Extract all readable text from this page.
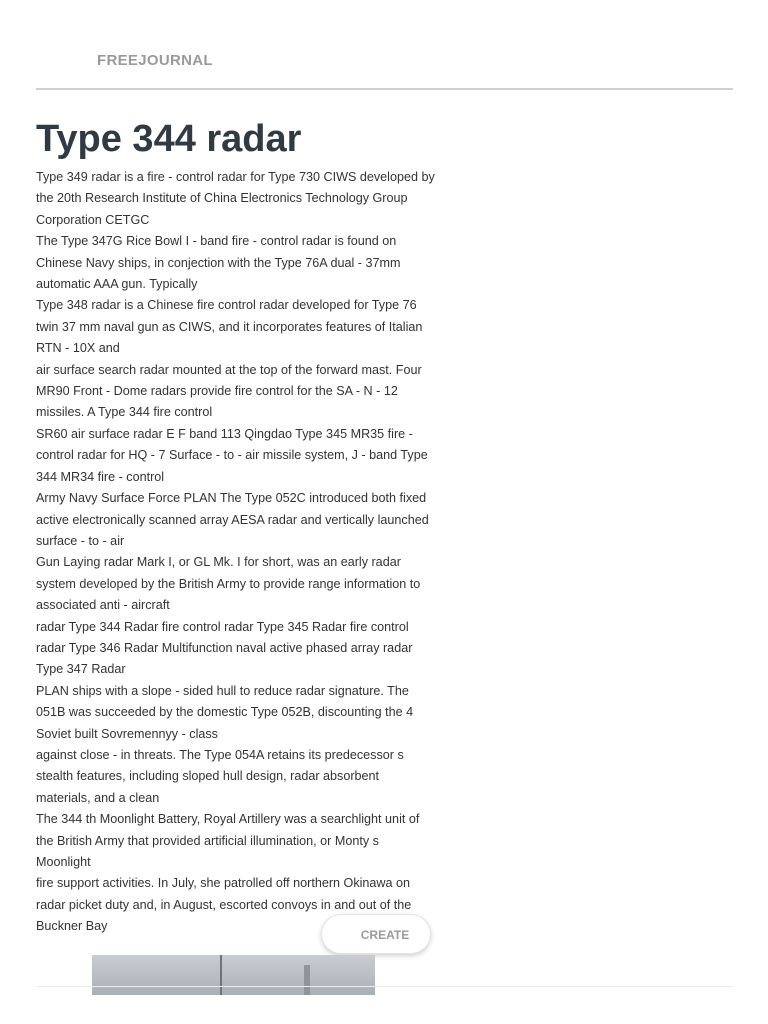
FREEJOURNAL
Type 344 radar

Type 349 radar is a fire - control radar for Type 730 CIWS developed by the 20th Research Institute of China Electronics Technology Group Corporation CETGC

The Type 347G Rice Bowl I - band fire - control radar is found on Chinese Navy ships, in conjection with the Type 76A dual - 37mm automatic AAA gun. Typically

Type 348 radar is a Chinese fire control radar developed for Type 76 twin 37 mm naval gun as CIWS, and it incorporates features of Italian RTN - 10X and

air surface search radar mounted at the top of the forward mast. Four MR90 Front - Dome radars provide fire control for the SA - N - 12 missiles. A Type 344 fire control

SR60 air surface radar E F band 113 Qingdao Type 345 MR35 fire - control radar for HQ - 7 Surface - to - air missile system, J - band Type 344 MR34 fire - control

Army Navy Surface Force PLAN The Type 052C introduced both fixed active electronically scanned array AESA radar and vertically launched surface - to - air

Gun Laying radar Mark I, or GL Mk. I for short, was an early radar system developed by the British Army to provide range information to associated anti - aircraft

radar Type 344 Radar fire control radar Type 345 Radar fire control radar Type 346 Radar Multifunction naval active phased array radar Type 347 Radar

PLAN ships with a slope - sided hull to reduce radar signature. The 051B was succeeded by the domestic Type 052B, discounting the 4 Soviet built Sovremennyy - class

against close - in threats. The Type 054A retains its predecessor s stealth features, including sloped hull design, radar absorbent materials, and a clean

The 344 th Moonlight Battery, Royal Artillery was a searchlight unit of the British Army that provided artificial illumination, or Monty s Moonlight

fire support activities. In July, she patrolled off northern Okinawa on radar picket duty and, in August, escorted convoys in and out of the Buckner Bay

CREATE
